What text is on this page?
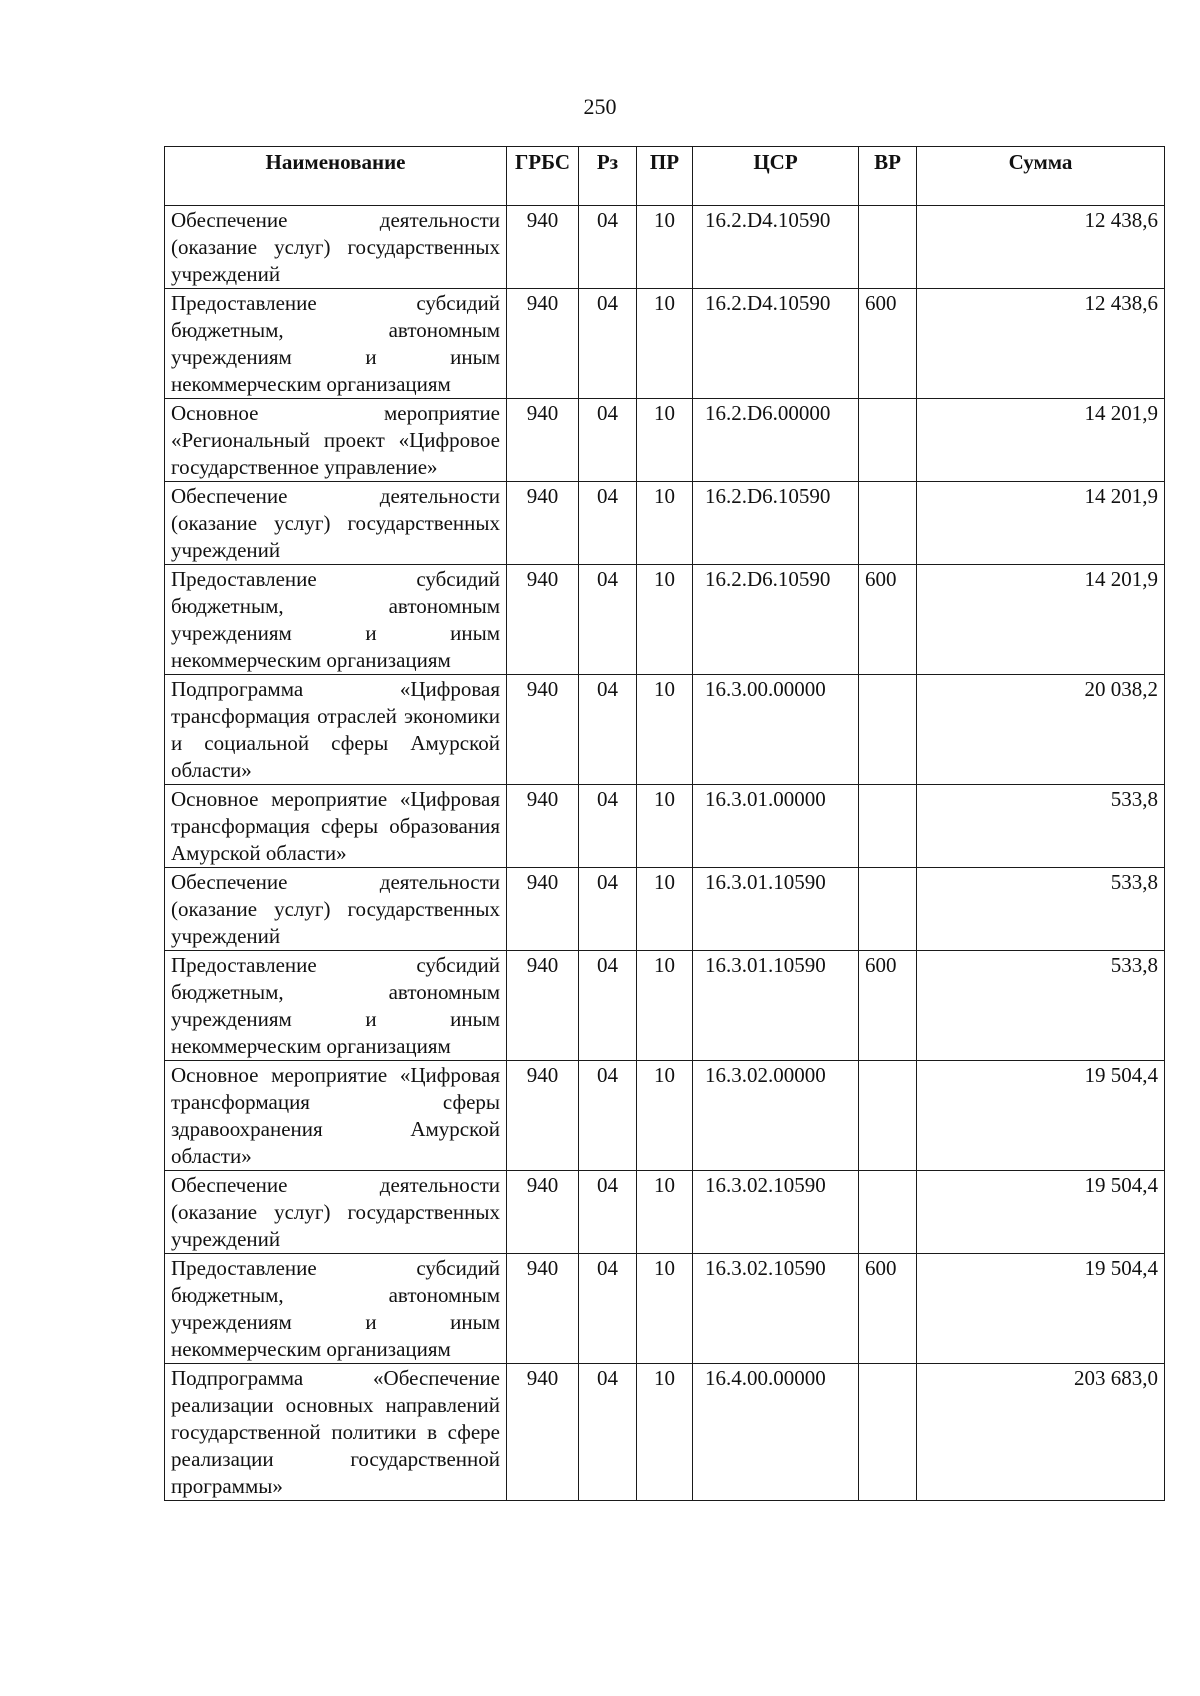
250
Наименование	ГРБС	Рз	ПР	ЦСР	ВР	Сумма
Обеспечение деятельности (оказание услуг) государственных учреждений	940	04	10	16.2.D4.10590		12 438,6
Предоставление субсидий бюджетным, автономным учреждениям и иным некоммерческим организациям	940	04	10	16.2.D4.10590	600	12 438,6
Основное мероприятие «Региональный проект «Цифровое государственное управление»	940	04	10	16.2.D6.00000		14 201,9
Обеспечение деятельности (оказание услуг) государственных учреждений	940	04	10	16.2.D6.10590		14 201,9
Предоставление субсидий бюджетным, автономным учреждениям и иным некоммерческим организациям	940	04	10	16.2.D6.10590	600	14 201,9
Подпрограмма «Цифровая трансформация отраслей экономики и социальной сферы Амурской области»	940	04	10	16.3.00.00000		20 038,2
Основное мероприятие «Цифровая трансформация сферы образования Амурской области»	940	04	10	16.3.01.00000		533,8
Обеспечение деятельности (оказание услуг) государственных учреждений	940	04	10	16.3.01.10590		533,8
Предоставление субсидий бюджетным, автономным учреждениям и иным некоммерческим организациям	940	04	10	16.3.01.10590	600	533,8
Основное мероприятие «Цифровая трансформация сферы здравоохранения Амурской области»	940	04	10	16.3.02.00000		19 504,4
Обеспечение деятельности (оказание услуг) государственных учреждений	940	04	10	16.3.02.10590		19 504,4
Предоставление субсидий бюджетным, автономным учреждениям и иным некоммерческим организациям	940	04	10	16.3.02.10590	600	19 504,4
Подпрограмма «Обеспечение реализации основных направлений государственной политики в сфере реализации государственной программы»	940	04	10	16.4.00.00000		203 683,0
